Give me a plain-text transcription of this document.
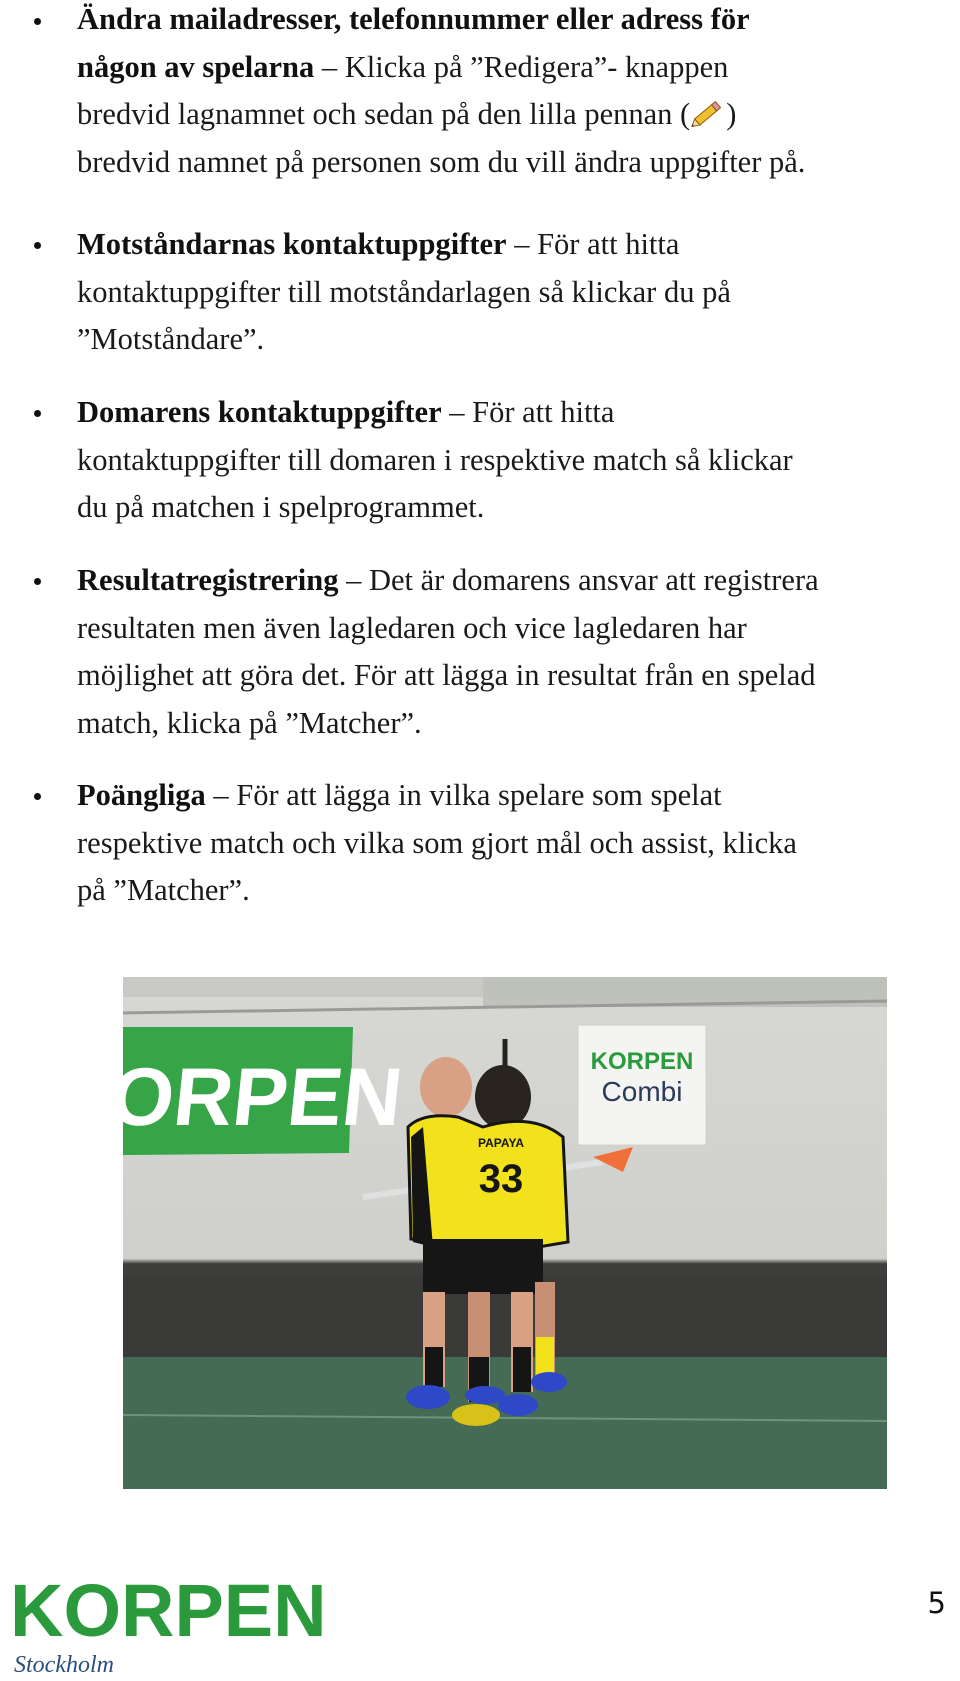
Ändra mailadresser, telefonnummer eller adress för
någon av spelarna – Klicka på ”Redigera”- knappen
bredvid lagnamnet och sedan på den lilla pennan ( )
bredvid namnet på personen som du vill ändra uppgifter på.

Motståndarnas kontaktuppgifter – För att hitta
kontaktuppgifter till motståndarlagen så klickar du på
”Motståndare”.

Domarens kontaktuppgifter – För att hitta
kontaktuppgifter till domaren i respektive match så klickar
du på matchen i spelprogrammet.

Resultatregistrering – Det är domarens ansvar att registrera
resultaten men även lagledaren och vice lagledaren har
möjlighet att göra det. För att lägga in resultat från en spelad
match, klicka på ”Matcher”.

Poängliga – För att lägga in vilka spelare som spelat
respektive match och vilka som gjort mål och assist, klicka
på ”Matcher”.

ORPEN	KORPEN
Combi
33
PAPAYA
KORPEN
Stockholm
5
